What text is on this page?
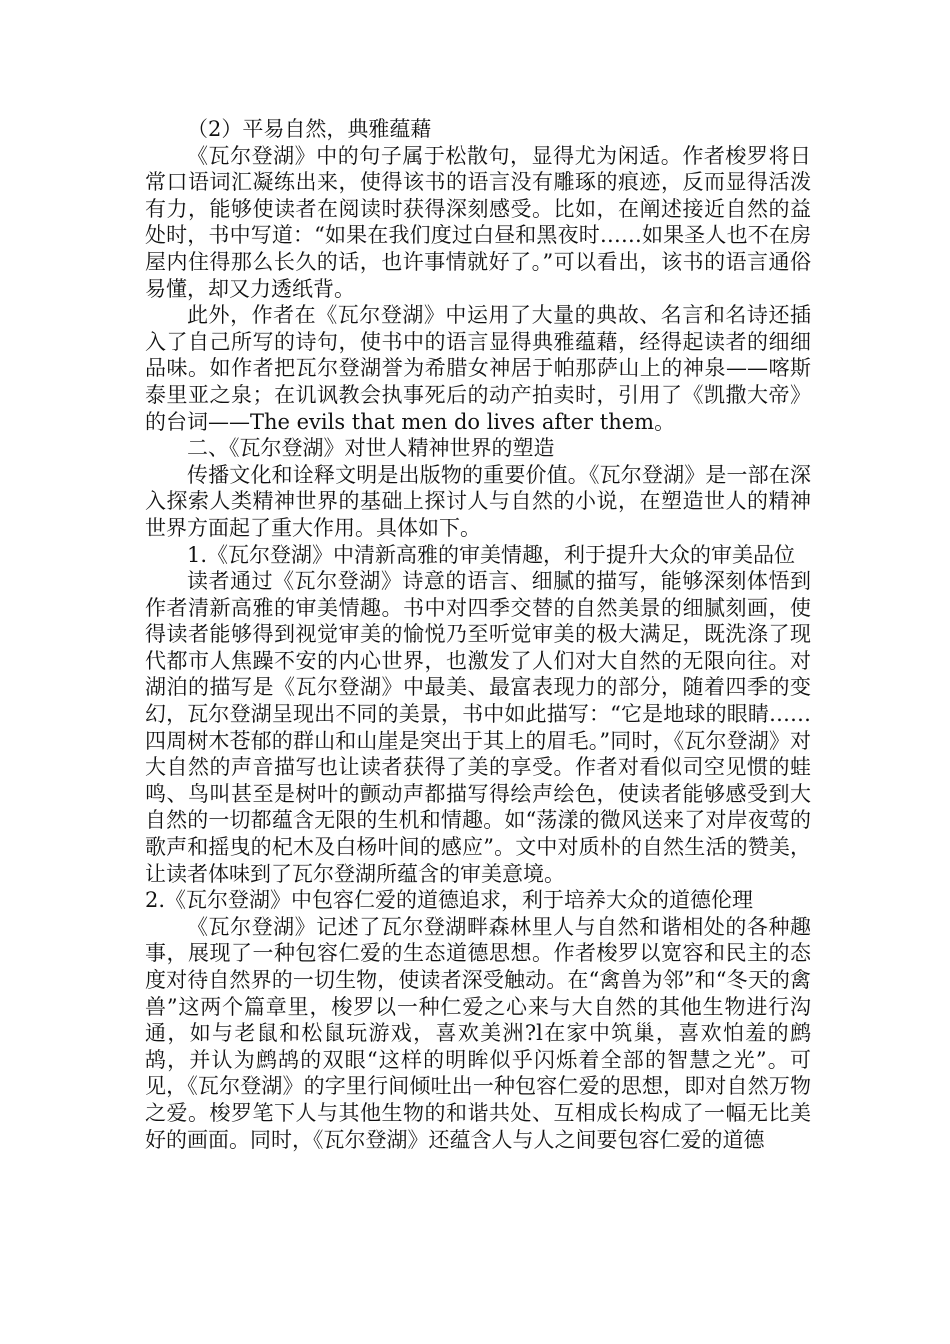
（2）平易自然，典雅蕴藉

《瓦尔登湖》中的句子属于松散句，显得尤为闲适。作者梭罗将日常口语词汇凝练出来，使得该书的语言没有雕琢的痕迹，反而显得活泼有力，能够使读者在阅读时获得深刻感受。比如，在阐述接近自然的益处时，书中写道：“如果在我们度过白昼和黑夜时……如果圣人也不在房屋内住得那么长久的话，也许事情就好了。”可以看出，该书的语言通俗易懂，却又力透纸背。

此外，作者在《瓦尔登湖》中运用了大量的典故、名言和名诗还插入了自己所写的诗句，使书中的语言显得典雅蕴藉，经得起读者的细细品味。如作者把瓦尔登湖誉为希腊女神居于帕那萨山上的神泉——喀斯泰里亚之泉；在讥讽教会执事死后的动产拍卖时，引用了《凯撒大帝》的台词——The evils that men do lives after them。

二、《瓦尔登湖》对世人精神世界的塑造

传播文化和诠释文明是出版物的重要价值。《瓦尔登湖》是一部在深入探索人类精神世界的基础上探讨人与自然的小说，在塑造世人的精神世界方面起了重大作用。具体如下。

1.《瓦尔登湖》中清新高雅的审美情趣，利于提升大众的审美品位

读者通过《瓦尔登湖》诗意的语言、细腻的描写，能够深刻体悟到作者清新高雅的审美情趣。书中对四季交替的自然美景的细腻刻画，使得读者能够得到视觉审美的愉悦乃至听觉审美的极大满足，既洗涤了现代都市人焦躁不安的内心世界，也激发了人们对大自然的无限向往。对湖泊的描写是《瓦尔登湖》中最美、最富表现力的部分，随着四季的变幻，瓦尔登湖呈现出不同的美景，书中如此描写：“它是地球的眼睛……四周树木苍郁的群山和山崖是突出于其上的眉毛。”同时，《瓦尔登湖》对大自然的声音描写也让读者获得了美的享受。作者对看似司空见惯的蛙鸣、鸟叫甚至是树叶的颤动声都描写得绘声绘色，使读者能够感受到大自然的一切都蕴含无限的生机和情趣。如“荡漾的微风送来了对岸夜莺的歌声和摇曳的杞木及白杨叶间的感应”。文中对质朴的自然生活的赞美，让读者体味到了瓦尔登湖所蕴含的审美意境。

2.《瓦尔登湖》中包容仁爱的道德追求，利于培养大众的道德伦理

《瓦尔登湖》记述了瓦尔登湖畔森林里人与自然和谐相处的各种趣事，展现了一种包容仁爱的生态道德思想。作者梭罗以宽容和民主的态度对待自然界的一切生物，使读者深受触动。在“禽兽为邻”和“冬天的禽兽”这两个篇章里，梭罗以一种仁爱之心来与大自然的其他生物进行沟通，如与老鼠和松鼠玩游戏，喜欢美洲?l在家中筑巢，喜欢怕羞的鹧鸪，并认为鹧鸪的双眼“这样的明眸似乎闪烁着全部的智慧之光”。可见，《瓦尔登湖》的字里行间倾吐出一种包容仁爱的思想，即对自然万物之爱。梭罗笔下人与其他生物的和谐共处、互相成长构成了一幅无比美好的画面。同时，《瓦尔登湖》还蕴含人与人之间要包容仁爱的道德
